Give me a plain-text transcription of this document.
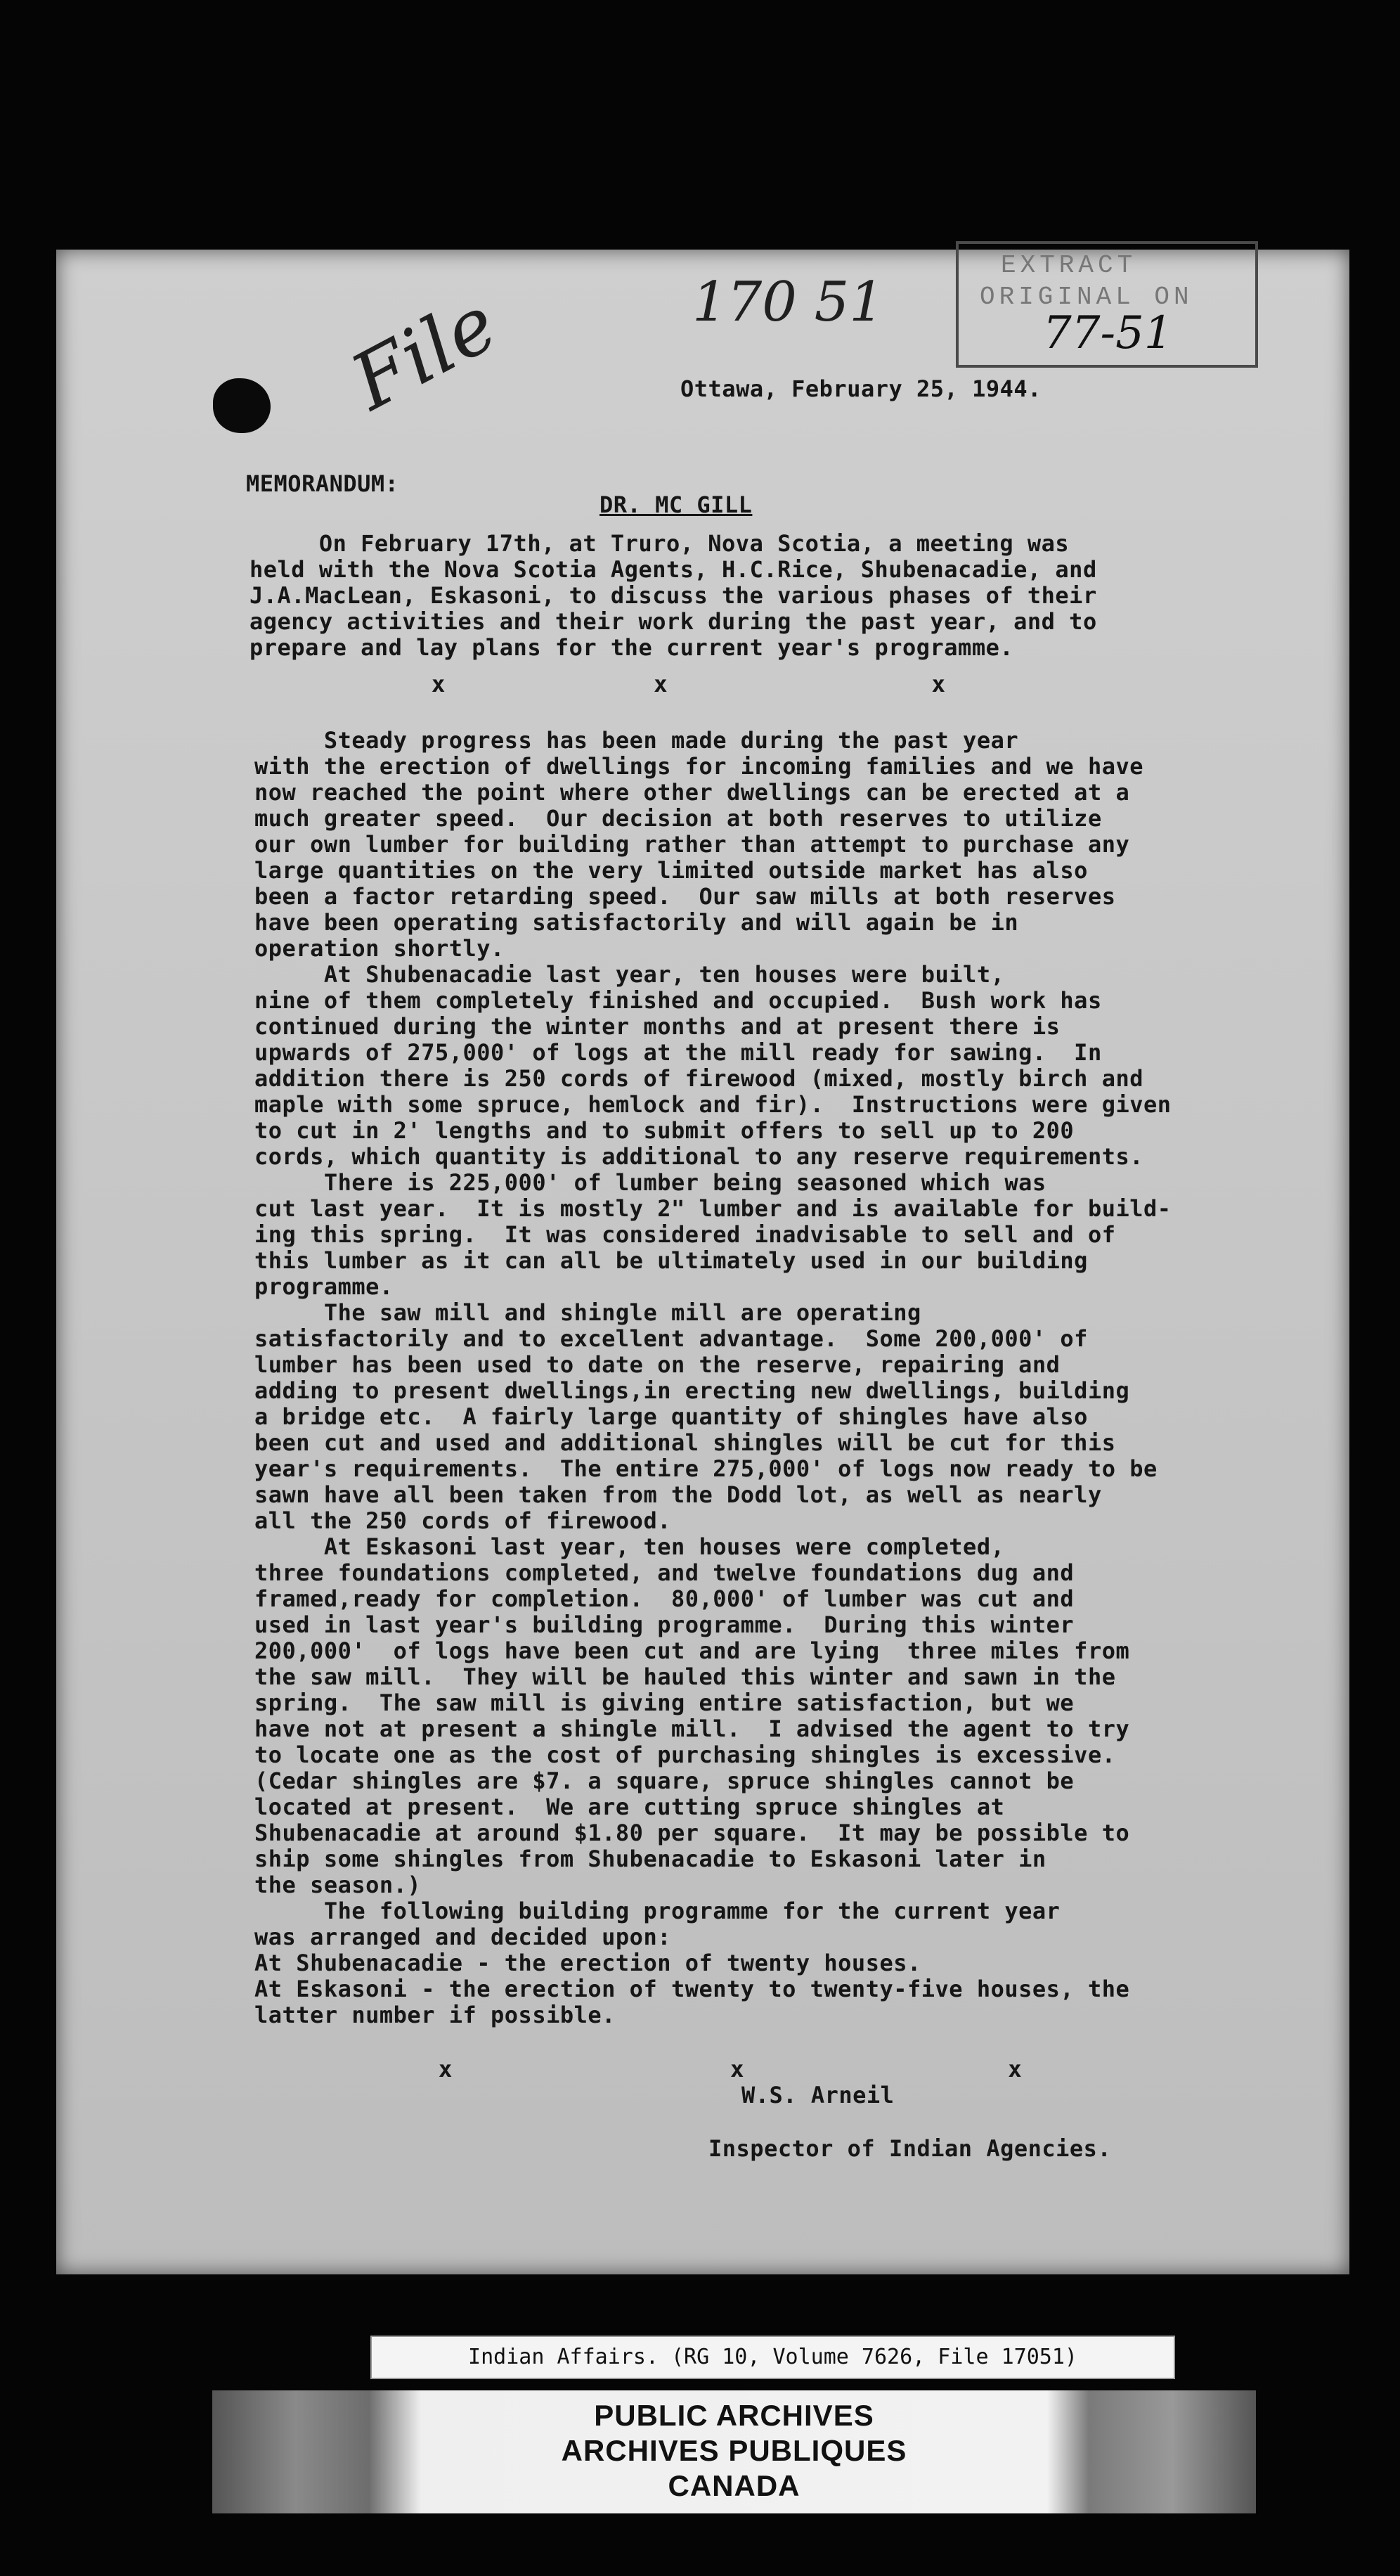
File	170 51
EXTRACT
ORIGINAL ON
77-51
Ottawa, February 25, 1944.
MEMORANDUM:
DR. MC GILL
On February 17th, at Truro, Nova Scotia, a meeting was
held with the Nova Scotia Agents, H.C.Rice, Shubenacadie, and
J.A.MacLean, Eskasoni, to discuss the various phases of their
agency activities and their work during the past year, and to
prepare and lay plans for the current year's programme.
x               x                   x
Steady progress has been made during the past year
with the erection of dwellings for incoming families and we have
now reached the point where other dwellings can be erected at a
much greater speed.  Our decision at both reserves to utilize
our own lumber for building rather than attempt to purchase any
large quantities on the very limited outside market has also
been a factor retarding speed.  Our saw mills at both reserves
have been operating satisfactorily and will again be in
operation shortly.
At Shubenacadie last year, ten houses were built,
nine of them completely finished and occupied.  Bush work has
continued during the winter months and at present there is
upwards of 275,000' of logs at the mill ready for sawing.  In
addition there is 250 cords of firewood (mixed, mostly birch and
maple with some spruce, hemlock and fir).  Instructions were given
to cut in 2' lengths and to submit offers to sell up to 200
cords, which quantity is additional to any reserve requirements.
There is 225,000' of lumber being seasoned which was
cut last year.  It is mostly 2" lumber and is available for build-
ing this spring.  It was considered inadvisable to sell and of
this lumber as it can all be ultimately used in our building
programme.
The saw mill and shingle mill are operating
satisfactorily and to excellent advantage.  Some 200,000' of
lumber has been used to date on the reserve, repairing and
adding to present dwellings,in erecting new dwellings, building
a bridge etc.  A fairly large quantity of shingles have also
been cut and used and additional shingles will be cut for this
year's requirements.  The entire 275,000' of logs now ready to be
sawn have all been taken from the Dodd lot, as well as nearly
all the 250 cords of firewood.
At Eskasoni last year, ten houses were completed,
three foundations completed, and twelve foundations dug and
framed,ready for completion.  80,000' of lumber was cut and
used in last year's building programme.  During this winter
200,000'  of logs have been cut and are lying  three miles from
the saw mill.  They will be hauled this winter and sawn in the
spring.  The saw mill is giving entire satisfaction, but we
have not at present a shingle mill.  I advised the agent to try
to locate one as the cost of purchasing shingles is excessive.
(Cedar shingles are $7. a square, spruce shingles cannot be
located at present.  We are cutting spruce shingles at
Shubenacadie at around $1.80 per square.  It may be possible to
ship some shingles from Shubenacadie to Eskasoni later in
the season.)
The following building programme for the current year
was arranged and decided upon:
At Shubenacadie - the erection of twenty houses.
At Eskasoni - the erection of twenty to twenty-five houses, the
latter number if possible.
x                    x                   x
W.S. Arneil
Inspector of Indian Agencies.
Indian Affairs. (RG 10, Volume 7626, File 17051)
PUBLIC ARCHIVES
ARCHIVES PUBLIQUES
CANADA
